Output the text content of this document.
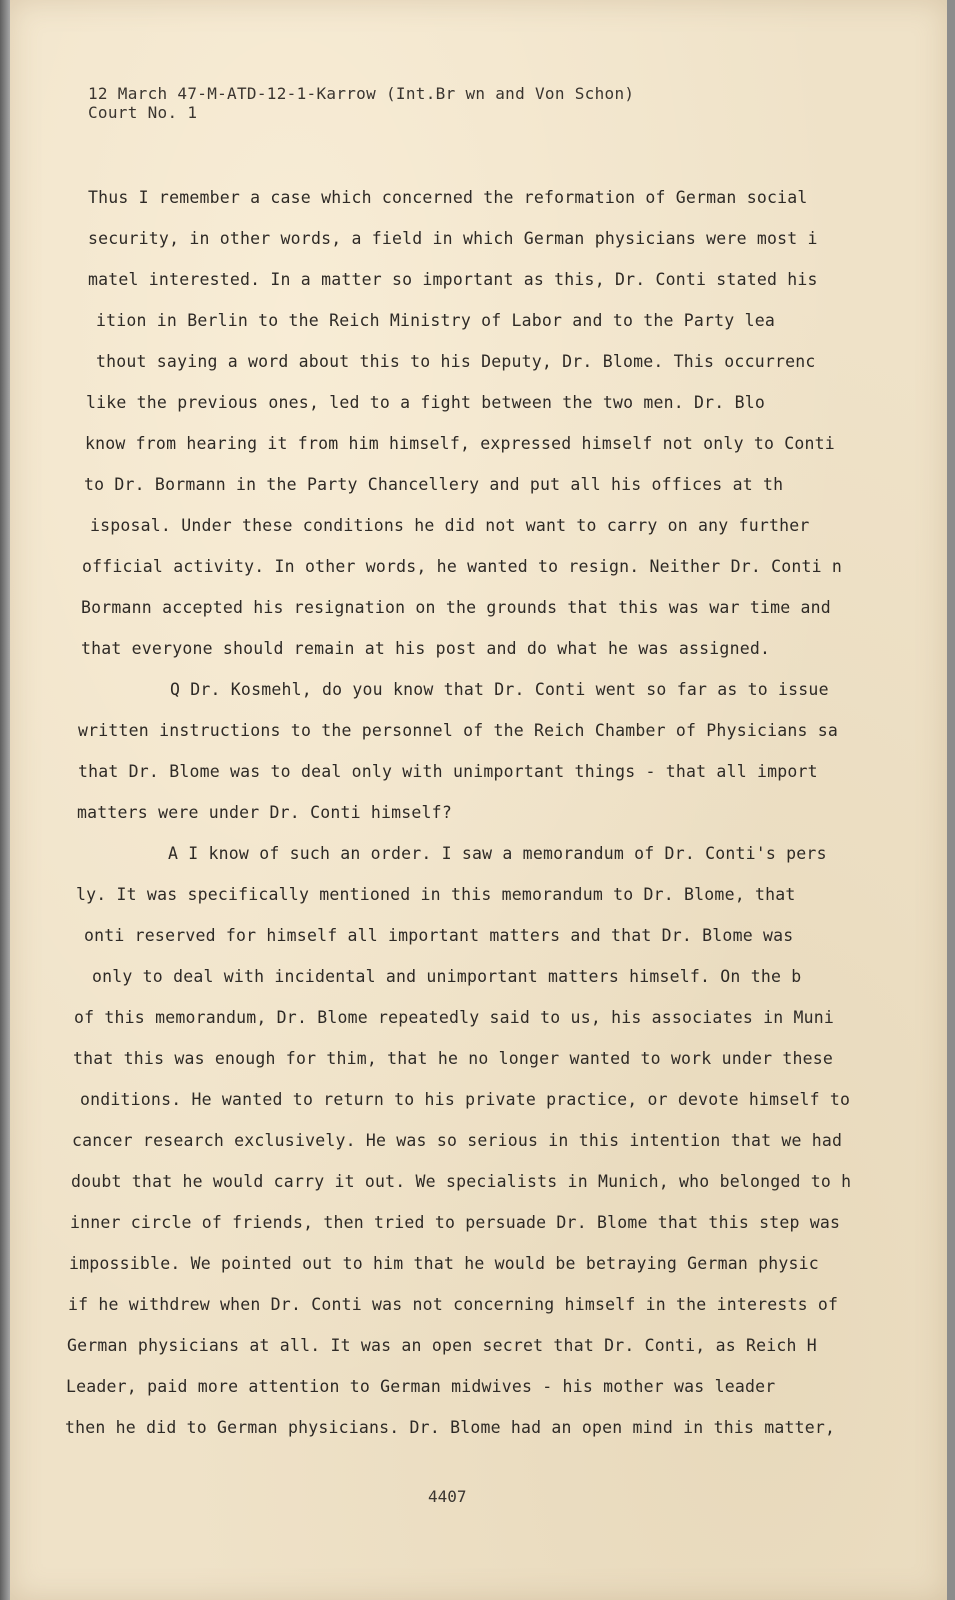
12 March 47-M-ATD-12-1-Karrow (Int.Br wn and Von Schon)
Court No. 1
Thus I remember a case which concerned the reformation of German social
security, in other words, a field in which German physicians were most i
matel interested. In a matter so important as this, Dr. Conti stated his
ition in Berlin to the Reich Ministry of Labor and to the Party lea
thout saying a word about this to his Deputy, Dr. Blome. This occurrenc
like the previous ones, led to a fight between the two men. Dr. Blo
know from hearing it from him himself, expressed himself not only to Conti
to Dr. Bormann in the Party Chancellery and put all his offices at th
isposal. Under these conditions he did not want to carry on any further
official activity. In other words, he wanted to resign. Neither Dr. Conti n
Bormann accepted his resignation on the grounds that this was war time and
that everyone should remain at his post and do what he was assigned.
Q Dr. Kosmehl, do you know that Dr. Conti went so far as to issue
written instructions to the personnel of the Reich Chamber of Physicians sa
that Dr. Blome was to deal only with unimportant things - that all import
matters were under Dr. Conti himself?
A I know of such an order. I saw a memorandum of Dr. Conti's pers
ly. It was specifically mentioned in this memorandum to Dr. Blome, that
onti reserved for himself all important matters and that Dr. Blome was
only to deal with incidental and unimportant matters himself. On the b
of this memorandum, Dr. Blome repeatedly said to us, his associates in Muni
that this was enough for thim, that he no longer wanted to work under these
onditions. He wanted to return to his private practice, or devote himself to
cancer research exclusively. He was so serious in this intention that we had
doubt that he would carry it out. We specialists in Munich, who belonged to h
inner circle of friends, then tried to persuade Dr. Blome that this step was
impossible. We pointed out to him that he would be betraying German physic
if he withdrew when Dr. Conti was not concerning himself in the interests of
German physicians at all. It was an open secret that Dr. Conti, as Reich H
Leader, paid more attention to German midwives - his mother was leader
then he did to German physicians. Dr. Blome had an open mind in this matter,
4407
